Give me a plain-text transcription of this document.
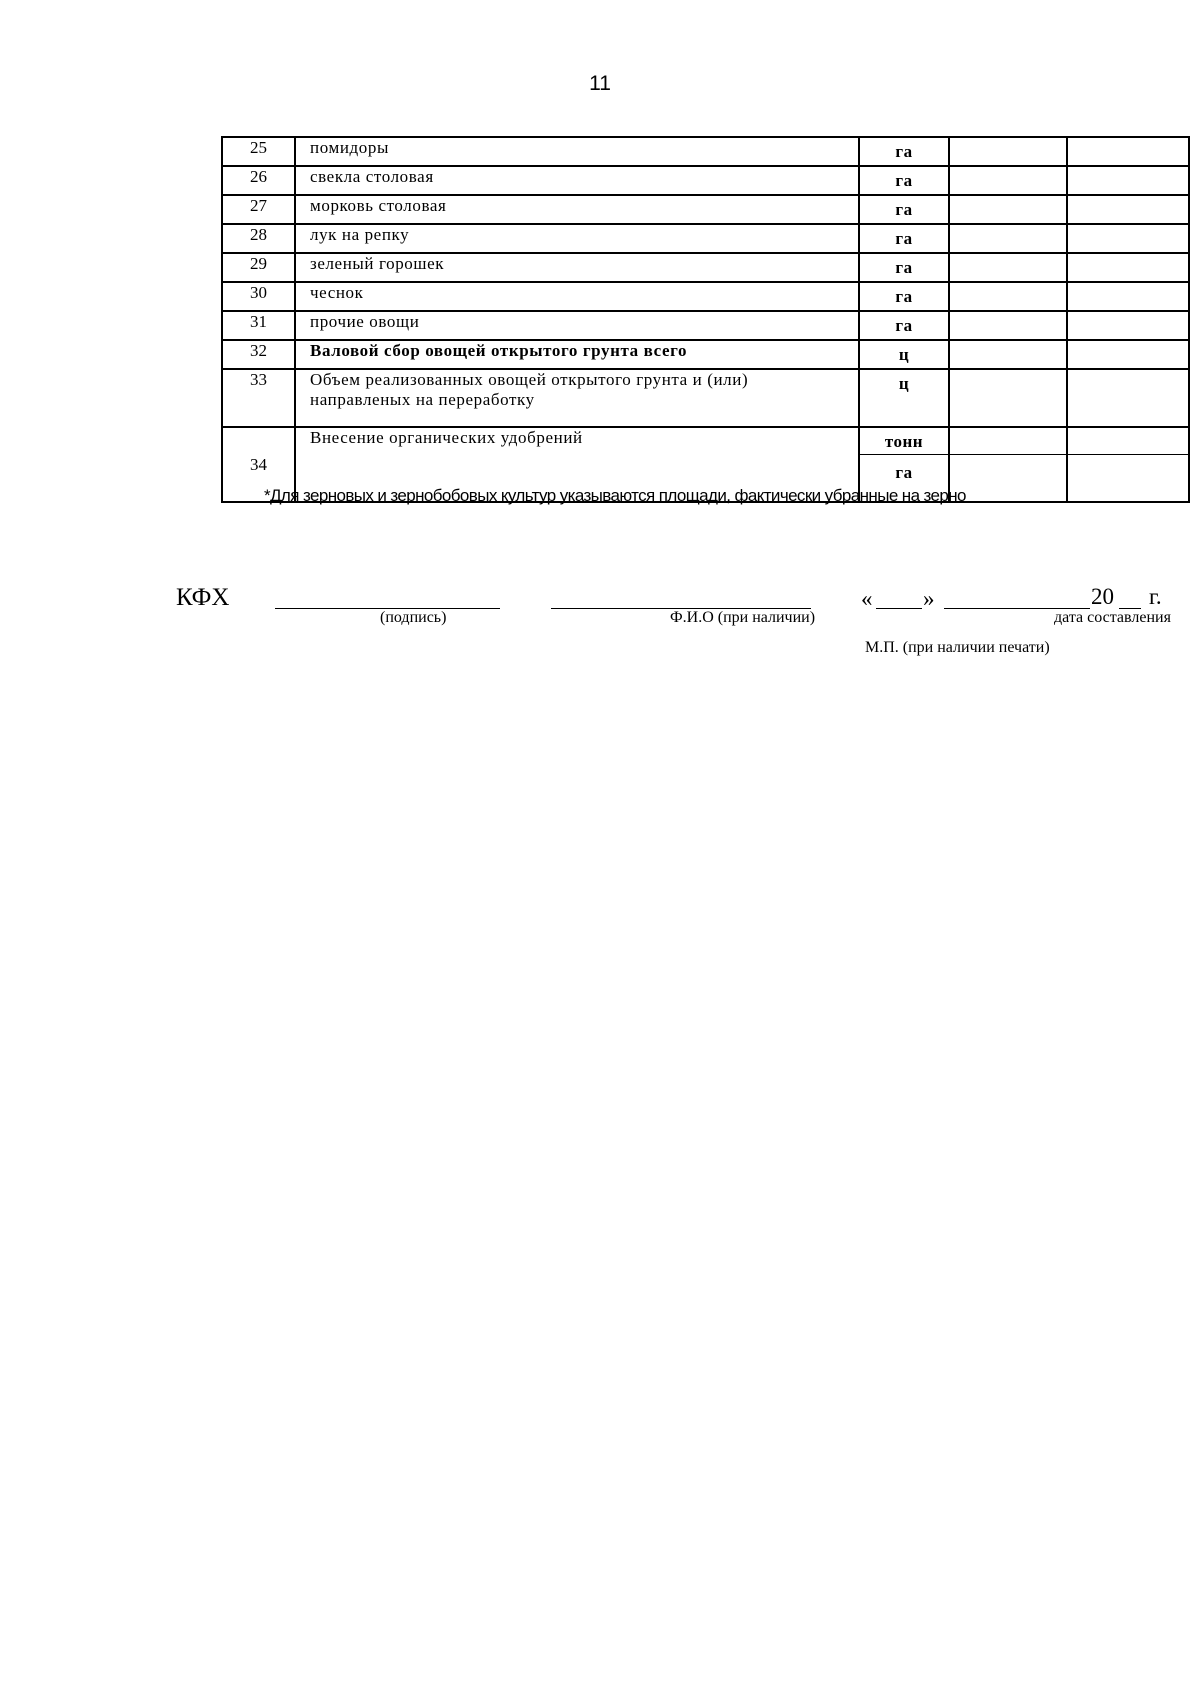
11
25	помидоры	га		
26	свекла столовая	га		
27	морковь столовая	га		
28	лук на репку	га		
29	зеленый горошек	га		
30	чеснок	га		
31	прочие овощи	га		
32	Валовой сбор овощей открытого грунта всего	ц		
33	Объем реализованных овощей открытого грунта и (или) направленых на переработку	ц		
34	Внесение органических удобрений	тонн		
		га		
*Для зерновых и зернобобовых культур указываются площади, фактически убранные на зерно
КФХ
(подпись)	Ф.И.О (при наличии)
« »	20 г.
дата составления
М.П. (при наличии печати)
